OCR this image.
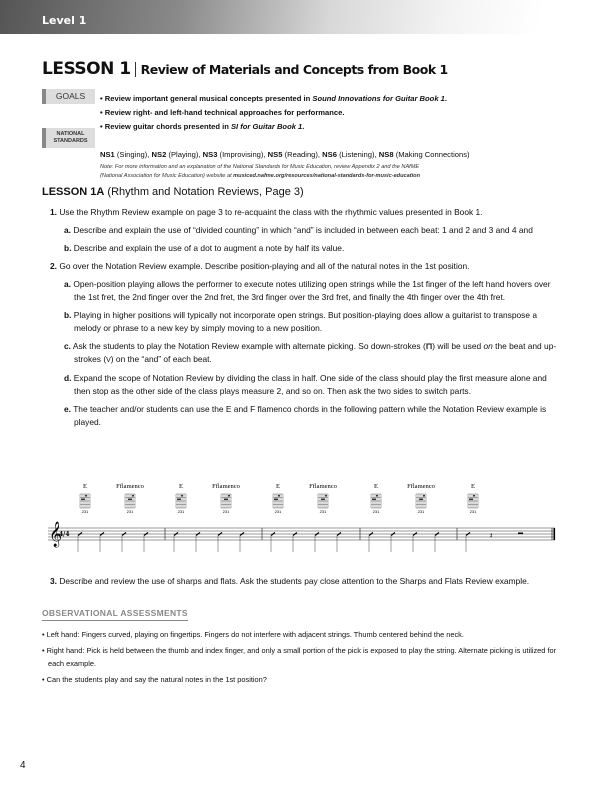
Level 1
LESSON 1 Review of Materials and Concepts from Book 1
GOALS	• Review important general musical concepts presented in Sound Innovations for Guitar Book 1.
• Review right- and left-hand technical approaches for performance.
• Review guitar chords presented in SI for Guitar Book 1.
NATIONAL
STANDARDS
NS1 (Singing), NS2 (Playing), NS3 (Improvising), NS5 (Reading), NS6 (Listening), NS8 (Making Connections)
Note: For more information and an explanation of the National Standards for Music Education, review Appendix 2 and the NAfME
(National Association for Music Education) website at musiced.nafme.org/resources/national-standards-for-music-education
LESSON 1A (Rhythm and Notation Reviews, Page 3)
1. Use the Rhythm Review example on page 3 to re-acquaint the class with the rhythmic values presented in Book 1.
a. Describe and explain the use of “divided counting” in which “and” is included in between each beat: 1 and 2 and 3 and 4 and
b. Describe and explain the use of a dot to augment a note by half its value.
2. Go over the Notation Review example. Describe position-playing and all of the natural notes in the 1st position.
a. Open-position playing allows the performer to execute notes utilizing open strings while the 1st finger of the left hand hovers over the 1st fret, the 2nd finger over the 2nd fret, the 3rd finger over the 3rd fret, and finally the 4th finger over the 4th fret.
b. Playing in higher positions will typically not incorporate open strings. But position-playing does allow a guitarist to transpose a melody or phrase to a new key by simply moving to a new position.
c. Ask the students to play the Notation Review example with alternate picking. So down-strokes (⊓) will be used on the beat and up-strokes (V) on the “and” of each beat.
d. Expand the scope of Notation Review by dividing the class in half. One side of the class should play the first measure alone and then stop as the other side of the class plays measure 2, and so on. Then ask the two sides to switch parts.
e. The teacher and/or students can use the E and F flamenco chords in the following pattern while the Notation Review example is played.
4/4
𝄞
E
231
Fflamenco
231
E
231
Fflamenco
231
E
231
Fflamenco
231
E
231
Fflamenco
231
E
231
𝄽
3. Describe and review the use of sharps and flats. Ask the students pay close attention to the Sharps and Flats Review example.
OBSERVATIONAL ASSESSMENTS
• Left hand: Fingers curved, playing on fingertips. Fingers do not interfere with adjacent strings. Thumb centered behind the neck.
• Right hand: Pick is held between the thumb and index finger, and only a small portion of the pick is exposed to play the string. Alternate picking is utilized for each example.
• Can the students play and say the natural notes in the 1st position?
4
